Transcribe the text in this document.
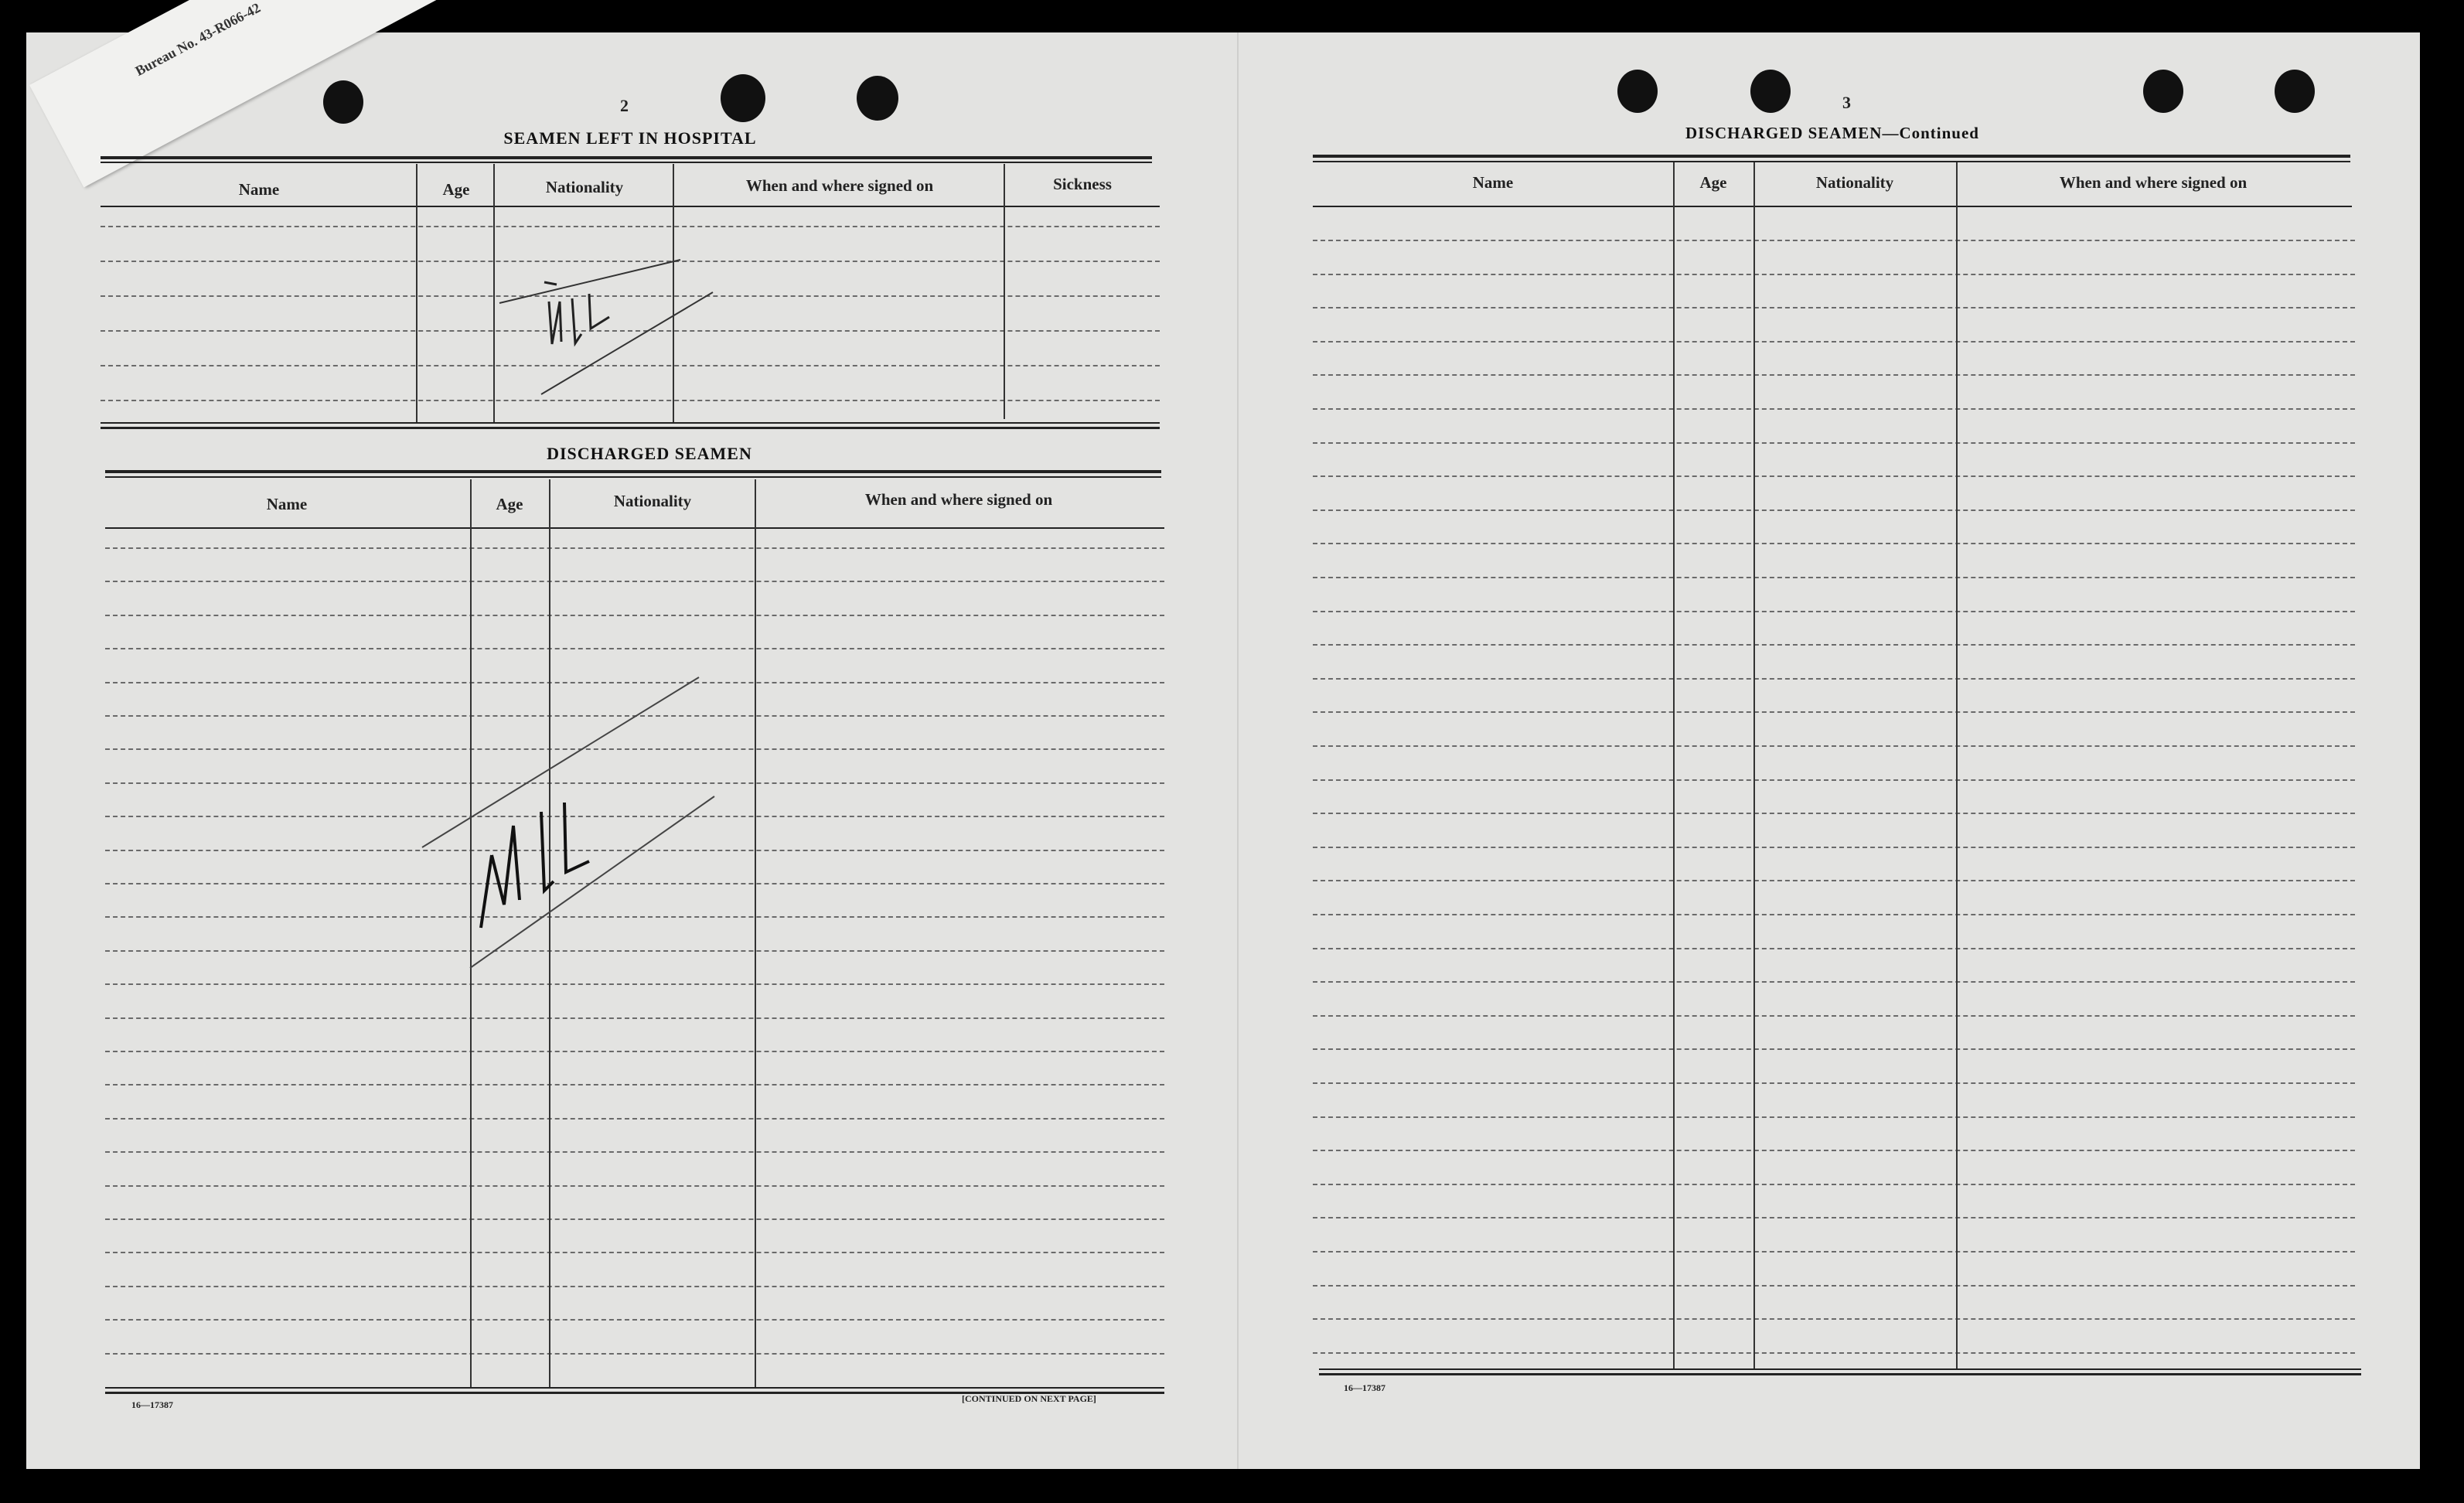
Bureau No. 43-R066-42
2
SEAMEN LEFT IN HOSPITAL
Name	Age	Nationality	When and where signed on	Sickness
DISCHARGED SEAMEN
Name	Age	Nationality	When and where signed on
16—17387
[CONTINUED ON NEXT PAGE]
3
DISCHARGED SEAMEN—Continued
Name	Age	Nationality	When and where signed on
16—17387
